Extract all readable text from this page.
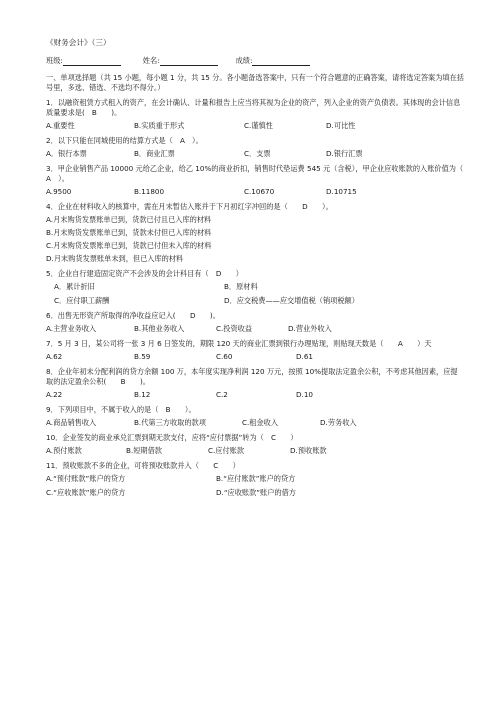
《财务会计》（三）
班级:	姓名:	成绩:
一、单项选择题（共 15 小题，每小题 1 分，共 15 分。各小题备选答案中，只有一个符合题意的正确答案，请将选定答案为填在括号里，多选、错选、不选均不得分。）
1．以融资租赁方式租入的资产，在会计确认、计量和报告上应当将其视为企业的资产，列入企业的资产负债表。其体现的会计信息质量要求是(　B　　)。
A.重要性	B.实质重于形式	C.谨慎性	D.可比性
2．以下只能在同城使用的结算方式是（　A　）。
A．银行本票	B．商业汇票	C．支票	D.银行汇票
3．甲企业销售产品 10000 元给乙企业，给乙 10%的商业折扣，销售时代垫运费 545 元（含税），甲企业应收账款的入账价值为（　A　）。
A.9500	B.11800	C.10670	D.10715
4．企业在材料收入的核算中，需在月末暂估入账并于下月初红字冲回的是（　　D　　）。
A.月末购货发票账单已到，货款已付且已入库的材料
B.月末购货发票账单已到，货款未付但已入库的材料
C.月末购货发票账单已到，货款已付但未入库的材料
D.月末购货发票账单未到，但已入库的材料
5．企业自行建造固定资产不会涉及的会计科目有（　D　　）
A．累计折旧	B．原材料
C．应付职工薪酬	D．应交税费——应交增值税（销项税额）
6．出售无形资产所取得的净收益应记入(　　D　　)。
A.主营业务收入	B.其他业务收入	C.投资收益	D.营业外收入
7．5 月 3 日，某公司将一张 3 月 6 日签发的，期限 120 天的商业汇票到银行办理贴现，则贴现天数是（　　A　　）天
A.62	B.59	C.60	D.61
8．企业年初未分配利润的贷方余额 100 万，本年度实现净利润 120 万元，按照 10%提取法定盈余公积，不考虑其他因素，应提取的法定盈余公积(　　B　　)。
A.22	B.12	C.2	D.10
9．下列项目中，不属于收入的是（　B　　）。
A.商品销售收入	B.代第三方收取的款项	C.租金收入	D.劳务收入
10．企业签发的商业承兑汇票到期无款支付，应将“应付票据”转为（　C　　）
A.预付账款	B.短期借款	C.应付账款	D.预收账款
11．预收账款不多的企业，可将预收账款并入（　　C　　）
A.“预付账款”账户的贷方	B.“应付账款”账户的贷方
C.“应收账款”账户的贷方	D.“应收账款”账户的借方
